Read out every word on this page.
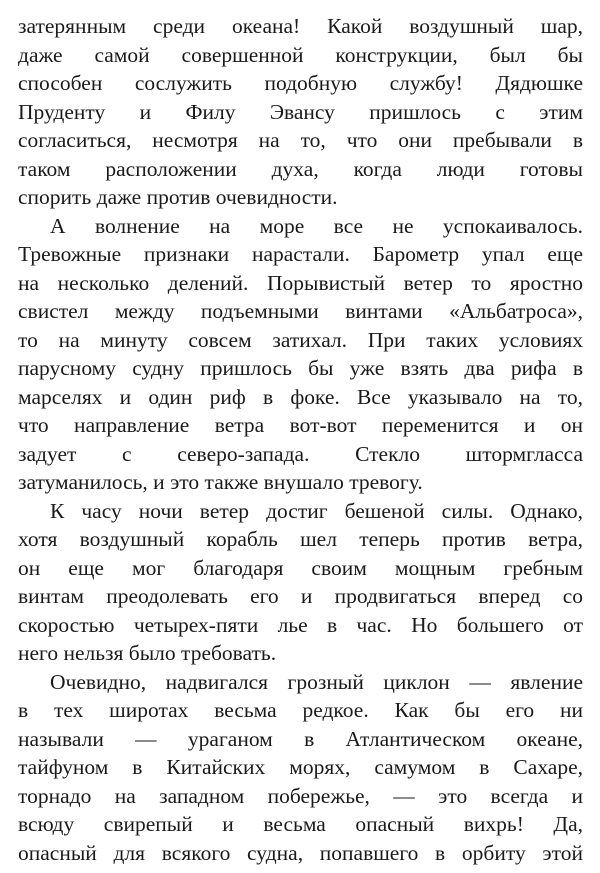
затерянным среди океана! Какой воздушный шар,
даже самой совершенной конструкции, был бы
способен сослужить подобную службу! Дядюшке
Пруденту и Филу Эвансу пришлось с этим
согласиться, несмотря на то, что они пребывали в
таком расположении духа, когда люди готовы
спорить даже против очевидности.
А волнение на море все не успокаивалось.
Тревожные признаки нарастали. Барометр упал еще
на несколько делений. Порывистый ветер то яростно
свистел между подъемными винтами «Альбатроса»,
то на минуту совсем затихал. При таких условиях
парусному судну пришлось бы уже взять два рифа в
марселях и один риф в фоке. Все указывало на то,
что направление ветра вот-вот переменится и он
задует с северо-запада. Стекло штормгласса
затуманилось, и это также внушало тревогу.
К часу ночи ветер достиг бешеной силы. Однако,
хотя воздушный корабль шел теперь против ветра,
он еще мог благодаря своим мощным гребным
винтам преодолевать его и продвигаться вперед со
скоростью четырех-пяти лье в час. Но большего от
него нельзя было требовать.
Очевидно, надвигался грозный циклон — явление
в тех широтах весьма редкое. Как бы его ни
называли — ураганом в Атлантическом океане,
тайфуном в Китайских морях, самумом в Сахаре,
торнадо на западном побережье, — это всегда и
всюду свирепый и весьма опасный вихрь! Да,
опасный для всякого судна, попавшего в орбиту этой
